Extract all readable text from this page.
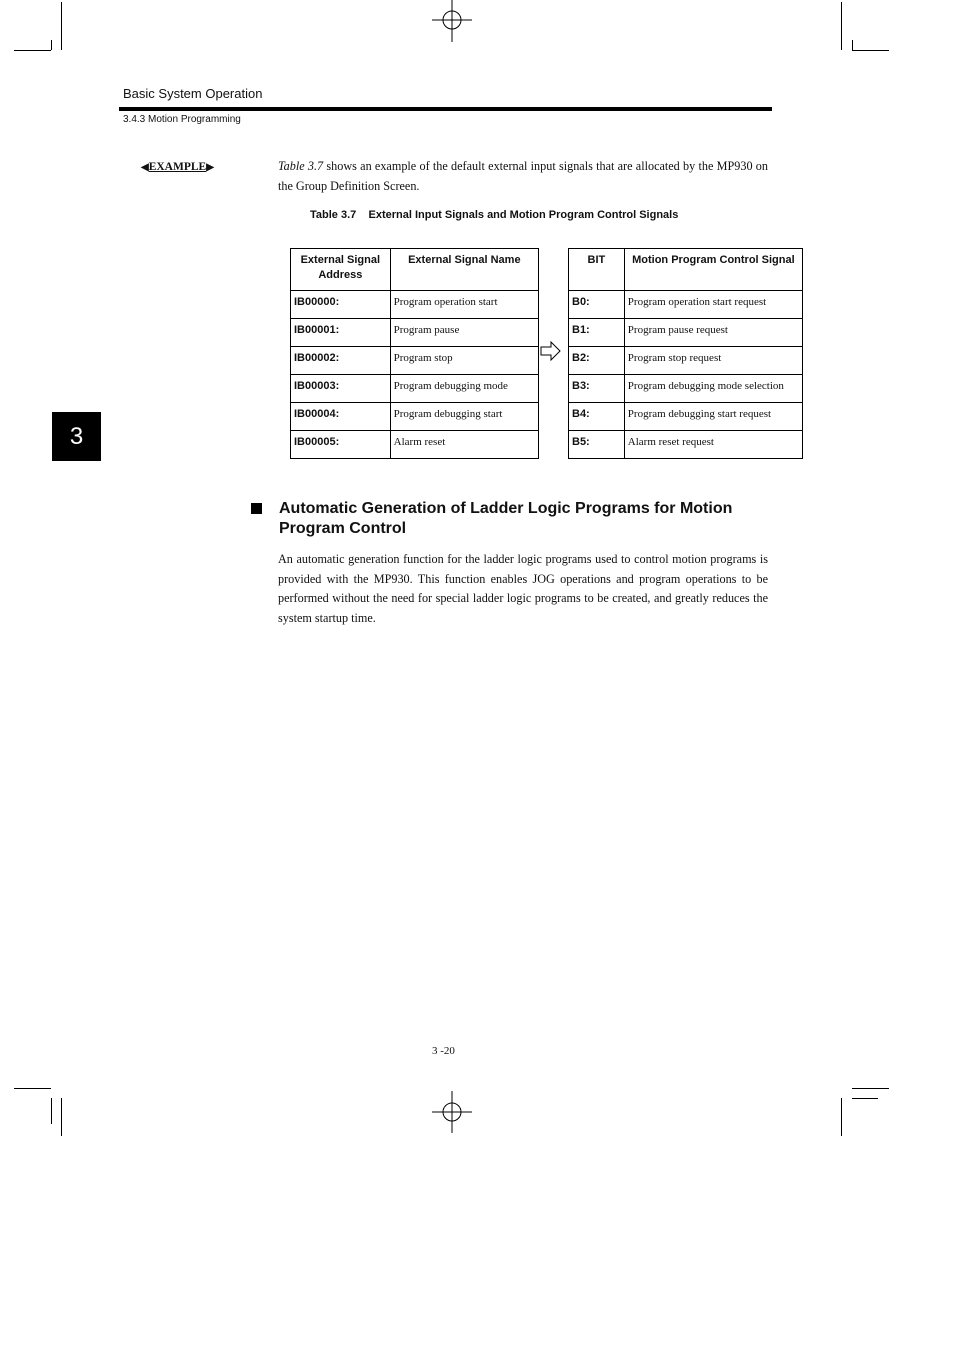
Basic System Operation
3.4.3 Motion Programming
3
◀ EXAMPLE ▶	Table 3.7 shows an example of the default external input signals that are allocated by the MP930 on the Group Definition Screen.
Table 3.7    External Input Signals and Motion Program Control Signals
External Signal Address	External Signal Name
IB00000:	Program operation start
IB00001:	Program pause
IB00002:	Program stop
IB00003:	Program debugging mode
IB00004:	Program debugging start
IB00005:	Alarm reset
BIT	Motion Program Control Signal
B0:	Program operation start request
B1:	Program pause request
B2:	Program stop request
B3:	Program debugging mode selection
B4:	Program debugging start request
B5:	Alarm reset request
Automatic Generation of Ladder Logic Programs for Motion Program Control
An automatic generation function for the ladder logic programs used to control motion programs is provided with the MP930. This function enables JOG operations and program operations to be performed without the need for special ladder logic programs to be created, and greatly reduces the system startup time.
3 -20
